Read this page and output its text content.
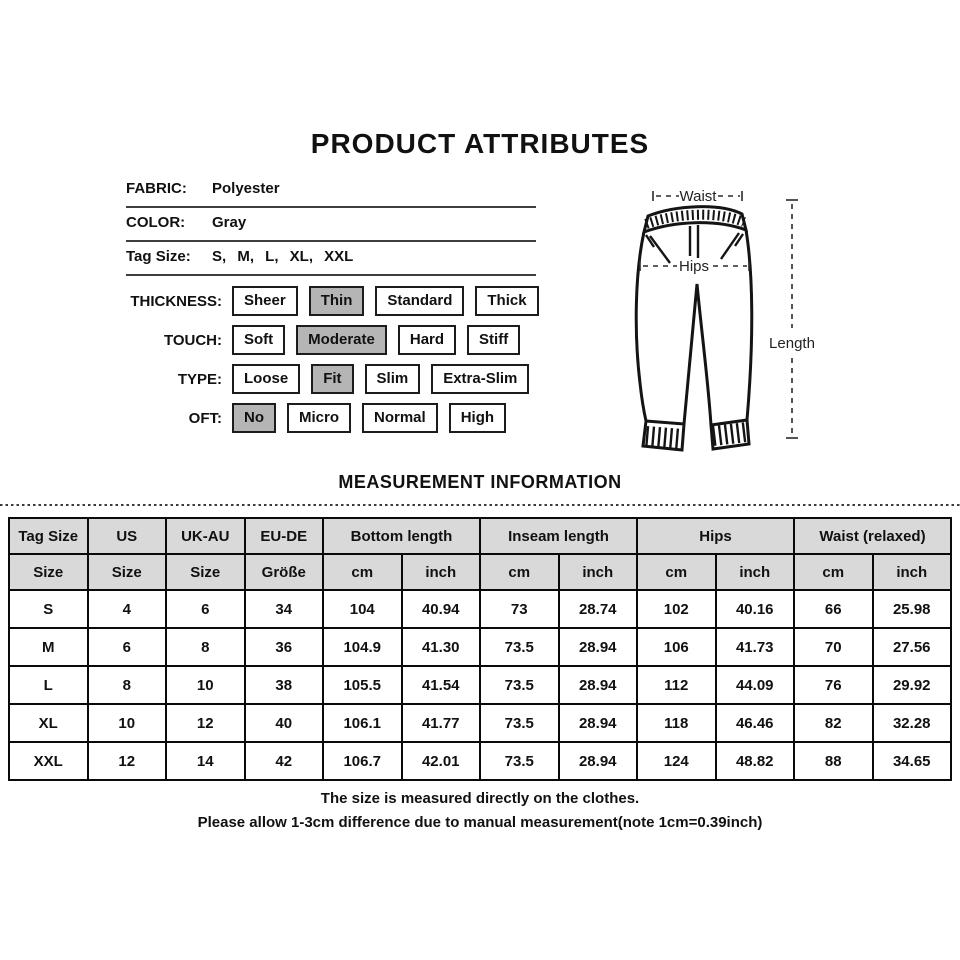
PRODUCT ATTRIBUTES
FABRIC:	Polyester
COLOR:	Gray
Tag Size:	S, M, L, XL, XXL
THICKNESS:	Sheer	Thin	Standard	Thick
TOUCH:	Soft	Moderate	Hard	Stiff
TYPE:	Loose	Fit	Slim	Extra-Slim
OFT:	No	Micro	Normal	High
Waist
Hips
Length
MEASUREMENT INFORMATION
Tag Size	US	UK-AU	EU-DE	Bottom length		Inseam length		Hips		Waist (relaxed)	
Size	Size	Size	Größe	cm	inch	cm	inch	cm	inch	cm	inch
S	4	6	34	104	40.94	73	28.74	102	40.16	66	25.98
M	6	8	36	104.9	41.30	73.5	28.94	106	41.73	70	27.56
L	8	10	38	105.5	41.54	73.5	28.94	112	44.09	76	29.92
XL	10	12	40	106.1	41.77	73.5	28.94	118	46.46	82	32.28
XXL	12	14	42	106.7	42.01	73.5	28.94	124	48.82	88	34.65
The size is measured directly on the clothes.
Please allow 1-3cm difference due to manual measurement(note 1cm=0.39inch)
